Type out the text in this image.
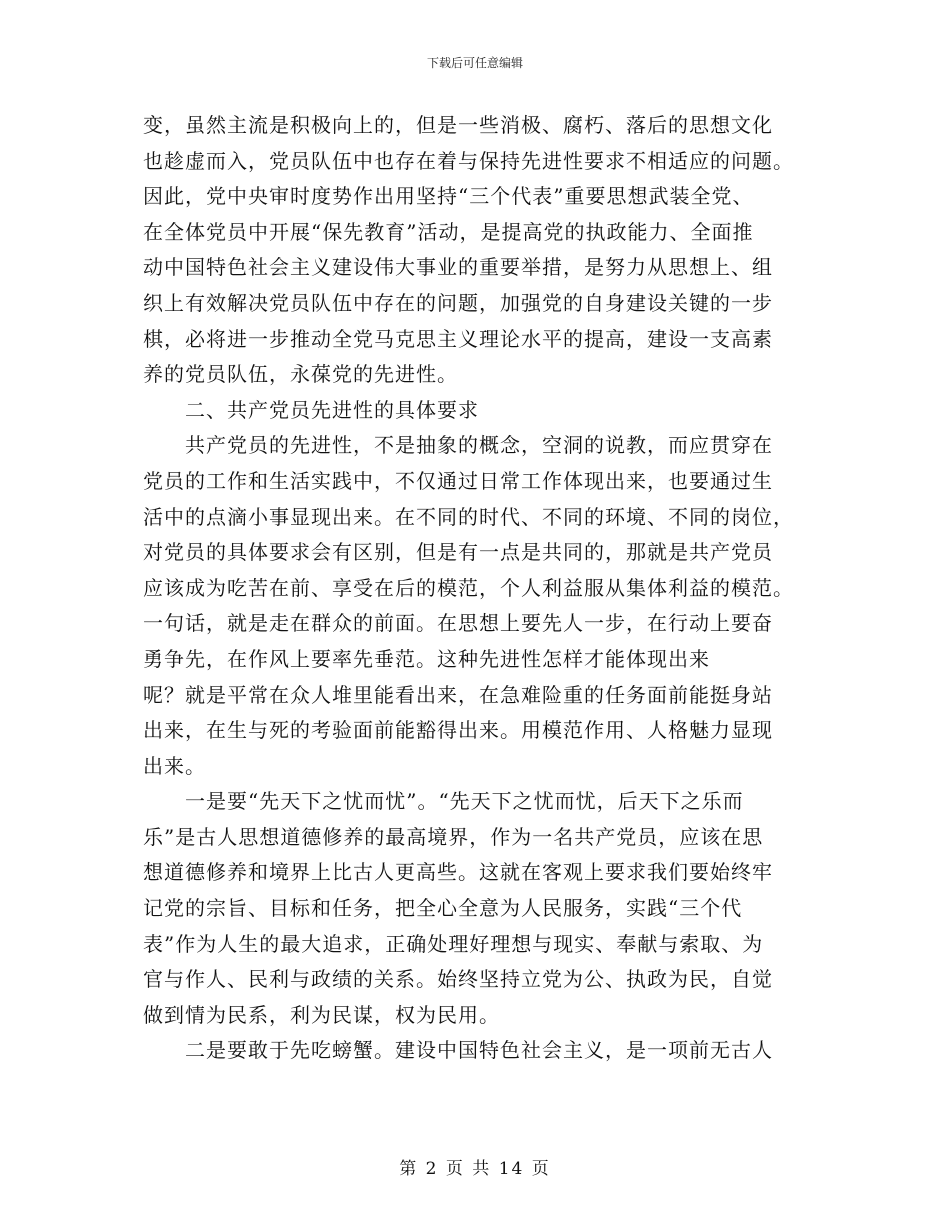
下载后可任意编辑
变，虽然主流是积极向上的，但是一些消极、腐朽、落后的思想文化
也趁虚而入，党员队伍中也存在着与保持先进性要求不相适应的问题。
因此，党中央审时度势作出用坚持“三个代表”重要思想武装全党、
在全体党员中开展“保先教育”活动，是提高党的执政能力、全面推
动中国特色社会主义建设伟大事业的重要举措，是努力从思想上、组
织上有效解决党员队伍中存在的问题，加强党的自身建设关键的一步
棋，必将进一步推动全党马克思主义理论水平的提高，建设一支高素
养的党员队伍，永葆党的先进性。
二、共产党员先进性的具体要求
共产党员的先进性，不是抽象的概念，空洞的说教，而应贯穿在
党员的工作和生活实践中，不仅通过日常工作体现出来，也要通过生
活中的点滴小事显现出来。在不同的时代、不同的环境、不同的岗位，
对党员的具体要求会有区别，但是有一点是共同的，那就是共产党员
应该成为吃苦在前、享受在后的模范，个人利益服从集体利益的模范。
一句话，就是走在群众的前面。在思想上要先人一步，在行动上要奋
勇争先，在作风上要率先垂范。这种先进性怎样才能体现出来
呢？就是平常在众人堆里能看出来，在急难险重的任务面前能挺身站
出来，在生与死的考验面前能豁得出来。用模范作用、人格魅力显现
出来。
一是要“先天下之忧而忧”。“先天下之忧而忧，后天下之乐而
乐”是古人思想道德修养的最高境界，作为一名共产党员，应该在思
想道德修养和境界上比古人更高些。这就在客观上要求我们要始终牢
记党的宗旨、目标和任务，把全心全意为人民服务，实践“三个代
表”作为人生的最大追求，正确处理好理想与现实、奉献与索取、为
官与作人、民利与政绩的关系。始终坚持立党为公、执政为民，自觉
做到情为民系，利为民谋，权为民用。
二是要敢于先吃螃蟹。建设中国特色社会主义，是一项前无古人
第 2 页 共 14 页
